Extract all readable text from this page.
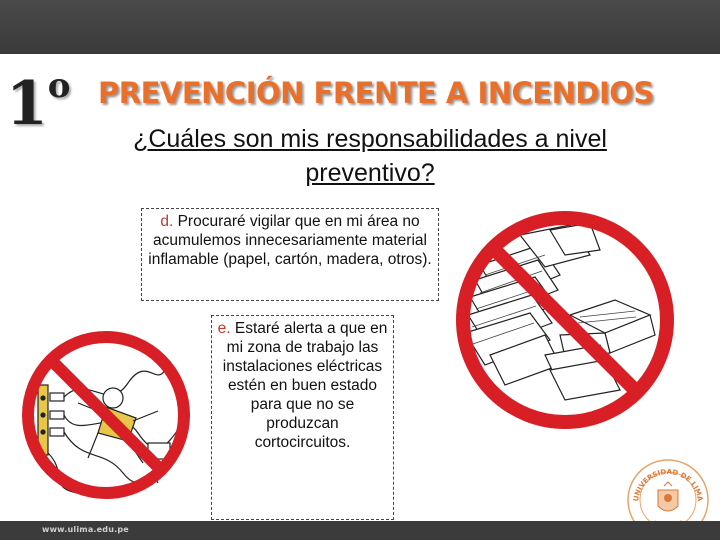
1$^o$ PREVENCIÓN FRENTE A INCENDIOS
¿Cuáles son mis responsabilidades a nivel preventivo?
d. Procuraré vigilar que en mi área no acumulemos innecesariamente material inflamable (papel, cartón, madera, otros).
e. Estaré alerta a que en mi zona de trabajo las instalaciones eléctricas estén en buen estado para que no se produzcan cortocircuitos.
UNIVERSIDAD DE LIMA
www.ulima.edu.pe
